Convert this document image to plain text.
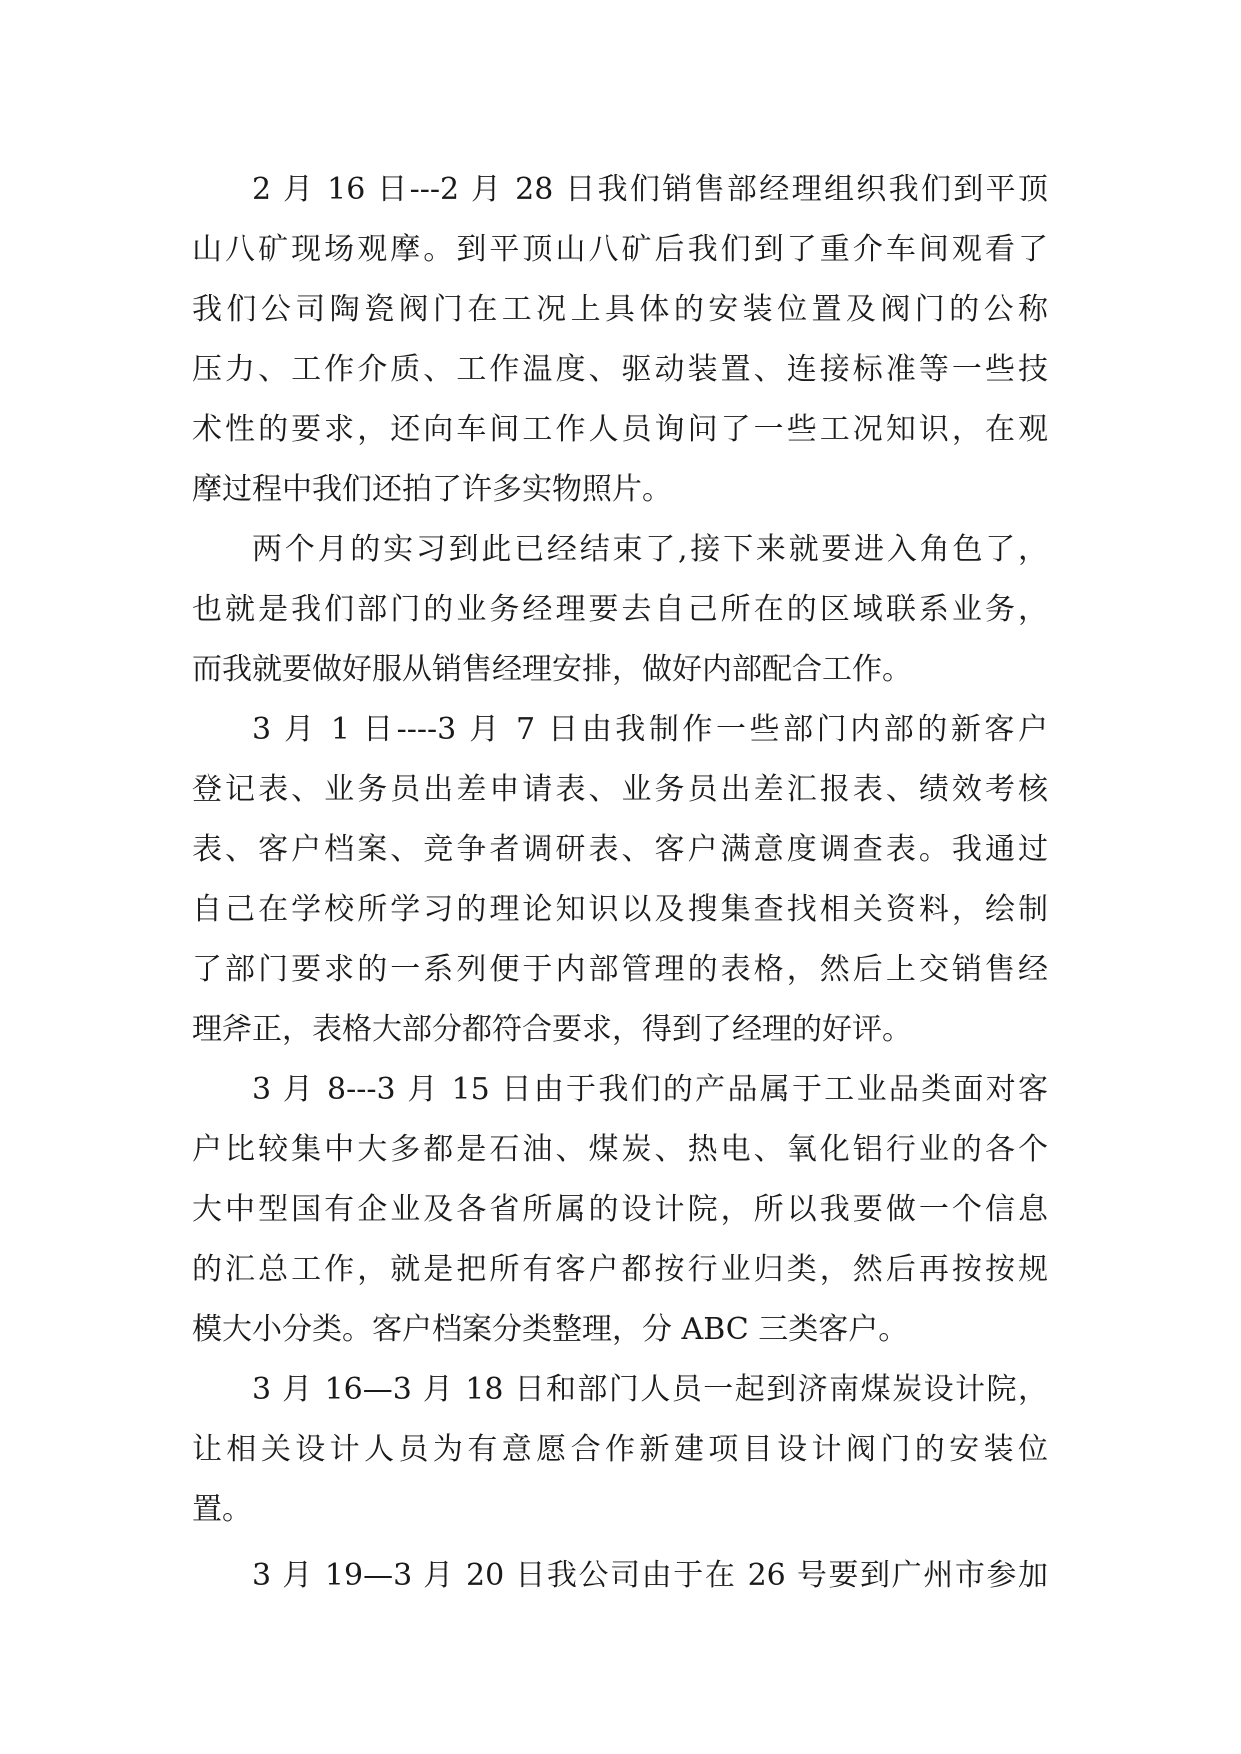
2 月 16 日---2 月 28 日我们销售部经理组织我们到平顶
山八矿现场观摩。到平顶山八矿后我们到了重介车间观看了
我们公司陶瓷阀门在工况上具体的安装位置及阀门的公称
压力、工作介质、工作温度、驱动装置、连接标准等一些技
术性的要求，还向车间工作人员询问了一些工况知识，在观
摩过程中我们还拍了许多实物照片。
两个月的实习到此已经结束了,接下来就要进入角色了，
也就是我们部门的业务经理要去自己所在的区域联系业务，
而我就要做好服从销售经理安排，做好内部配合工作。
3 月 1 日----3 月 7 日由我制作一些部门内部的新客户
登记表、业务员出差申请表、业务员出差汇报表、绩效考核
表、客户档案、竞争者调研表、客户满意度调查表。我通过
自己在学校所学习的理论知识以及搜集查找相关资料，绘制
了部门要求的一系列便于内部管理的表格，然后上交销售经
理斧正，表格大部分都符合要求，得到了经理的好评。
3 月 8---3 月 15 日由于我们的产品属于工业品类面对客
户比较集中大多都是石油、煤炭、热电、氧化铝行业的各个
大中型国有企业及各省所属的设计院，所以我要做一个信息
的汇总工作，就是把所有客户都按行业归类，然后再按按规
模大小分类。客户档案分类整理，分 ABC 三类客户。
3 月 16—3 月 18 日和部门人员一起到济南煤炭设计院，
让相关设计人员为有意愿合作新建项目设计阀门的安装位
置。
3 月 19—3 月 20 日我公司由于在 26 号要到广州市参加
